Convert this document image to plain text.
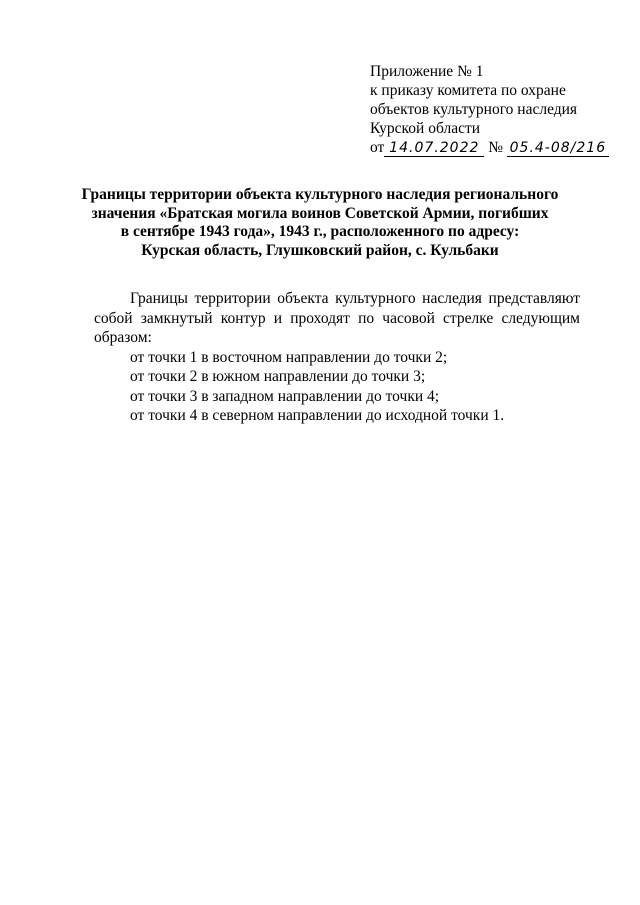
Приложение № 1
к приказу комитета по охране
объектов культурного наследия
Курской области
от 14.07.2022 № 05.4-08/216
Границы территории объекта культурного наследия регионального
значения «Братская могила воинов Советской Армии, погибших
в сентябре 1943 года», 1943 г., расположенного по адресу:
Курская область, Глушковский район, с. Кульбаки
Границы территории объекта культурного наследия представляют собой замкнутый контур и проходят по часовой стрелке следующим образом:
от точки 1 в восточном направлении до точки 2;
от точки 2 в южном направлении до точки 3;
от точки 3 в западном направлении до точки 4;
от точки 4 в северном направлении до исходной точки 1.
